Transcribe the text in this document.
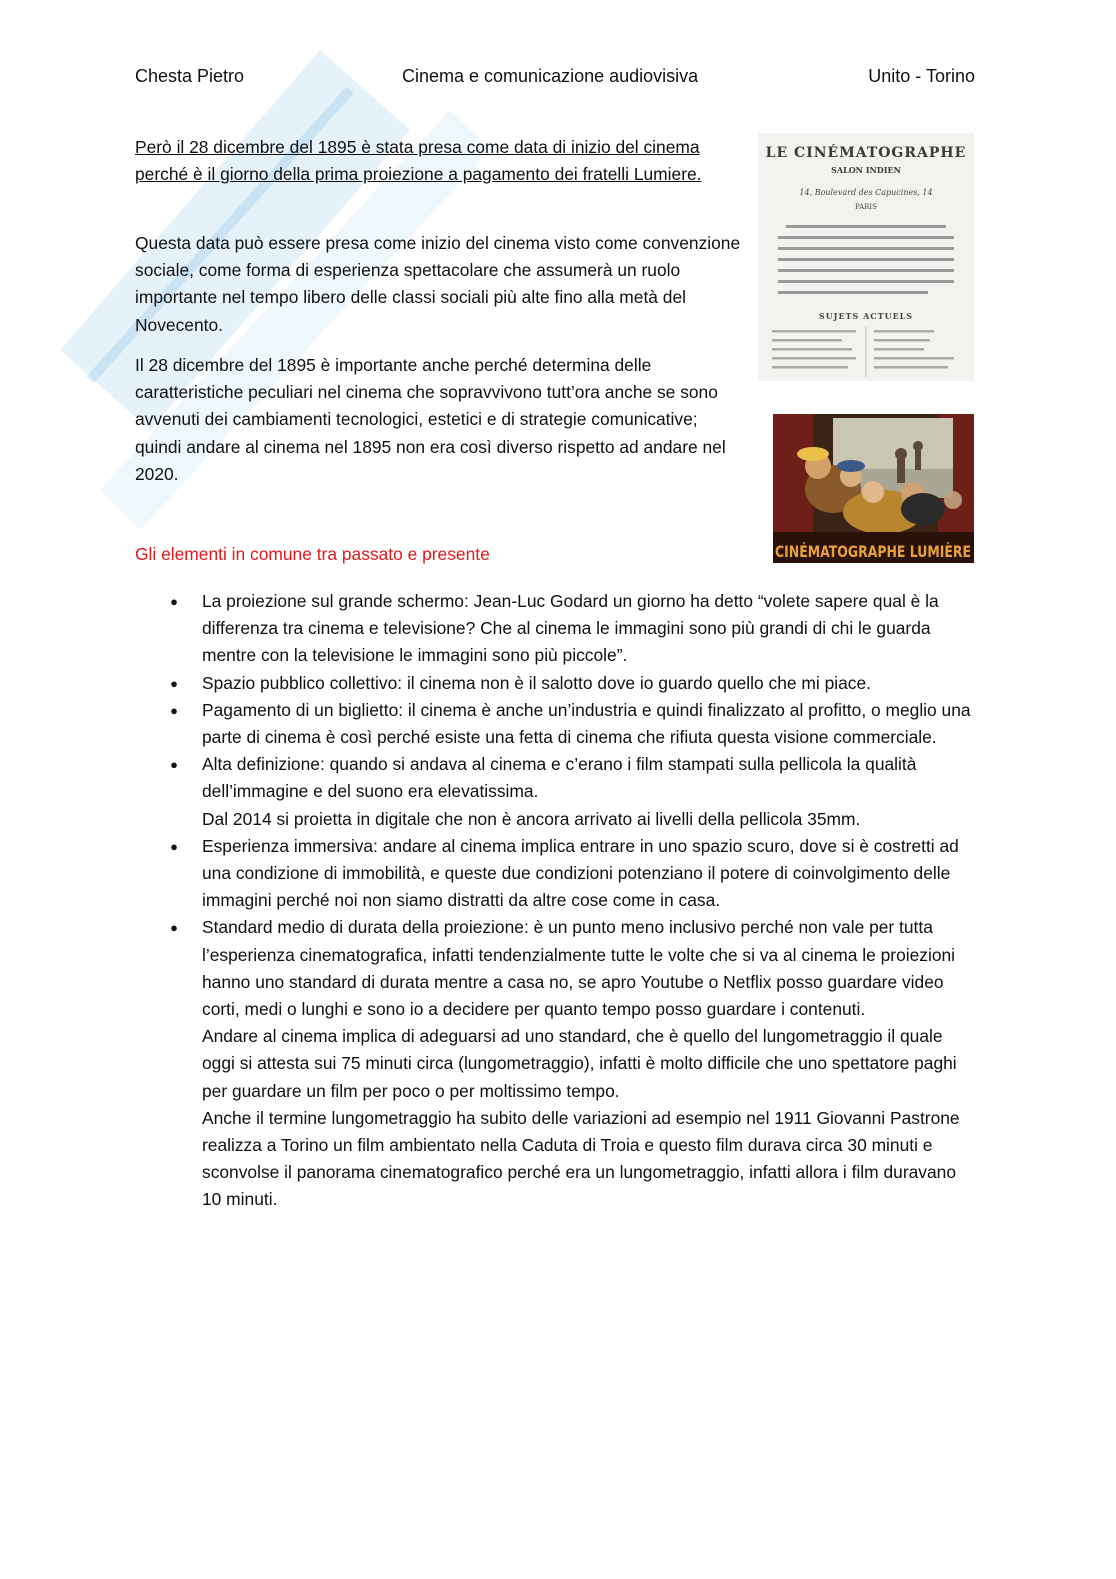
Chesta Pietro	Cinema e comunicazione audiovisiva	Unito - Torino

Però il 28 dicembre del 1895 è stata presa come data di inizio del cinema perché è il giorno della prima proiezione a pagamento dei fratelli Lumiere.

Questa data può essere presa come inizio del cinema visto come convenzione sociale, come forma di esperienza spettacolare che assumerà un ruolo importante nel tempo libero delle classi sociali più alte fino alla metà del Novecento.

Il 28 dicembre del 1895 è importante anche perché determina delle caratteristiche peculiari nel cinema che sopravvivono tutt’ora anche se sono avvenuti dei cambiamenti tecnologici, estetici e di strategie comunicative; quindi andare al cinema nel 1895 non era così diverso rispetto ad andare nel 2020.

LE CINÉMATOGRAPHE
SALON INDIEN
14, Boulevard des Capucines, 14
PARIS
SUJETS ACTUELS
CINÉMATOGRAPHE LUMIÈRE
Gli elementi in comune tra passato e presente
● La proiezione sul grande schermo: Jean-Luc Godard un giorno ha detto “volete sapere qual è la differenza tra cinema e televisione? Che al cinema le immagini sono più grandi di chi le guarda mentre con la televisione le immagini sono più piccole”.
● Spazio pubblico collettivo: il cinema non è il salotto dove io guardo quello che mi piace.
● Pagamento di un biglietto: il cinema è anche un’industria e quindi finalizzato al profitto, o meglio una parte di cinema è così perché esiste una fetta di cinema che rifiuta questa visione commerciale.
● Alta definizione: quando si andava al cinema e c’erano i film stampati sulla pellicola la qualità dell’immagine e del suono era elevatissima.
Dal 2014 si proietta in digitale che non è ancora arrivato ai livelli della pellicola 35mm.
● Esperienza immersiva: andare al cinema implica entrare in uno spazio scuro, dove si è costretti ad una condizione di immobilità, e queste due condizioni potenziano il potere di coinvolgimento delle immagini perché noi non siamo distratti da altre cose come in casa.
● Standard medio di durata della proiezione: è un punto meno inclusivo perché non vale per tutta l’esperienza cinematografica, infatti tendenzialmente tutte le volte che si va al cinema le proiezioni hanno uno standard di durata mentre a casa no, se apro Youtube o Netflix posso guardare video corti, medi o lunghi e sono io a decidere per quanto tempo posso guardare i contenuti.
Andare al cinema implica di adeguarsi ad uno standard, che è quello del lungometraggio il quale oggi si attesta sui 75 minuti circa (lungometraggio), infatti è molto difficile che uno spettatore paghi per guardare un film per poco o per moltissimo tempo.
Anche il termine lungometraggio ha subito delle variazioni ad esempio nel 1911 Giovanni Pastrone realizza a Torino un film ambientato nella Caduta di Troia e questo film durava circa 30 minuti e sconvolse il panorama cinematografico perché era un lungometraggio, infatti allora i film duravano 10 minuti.
